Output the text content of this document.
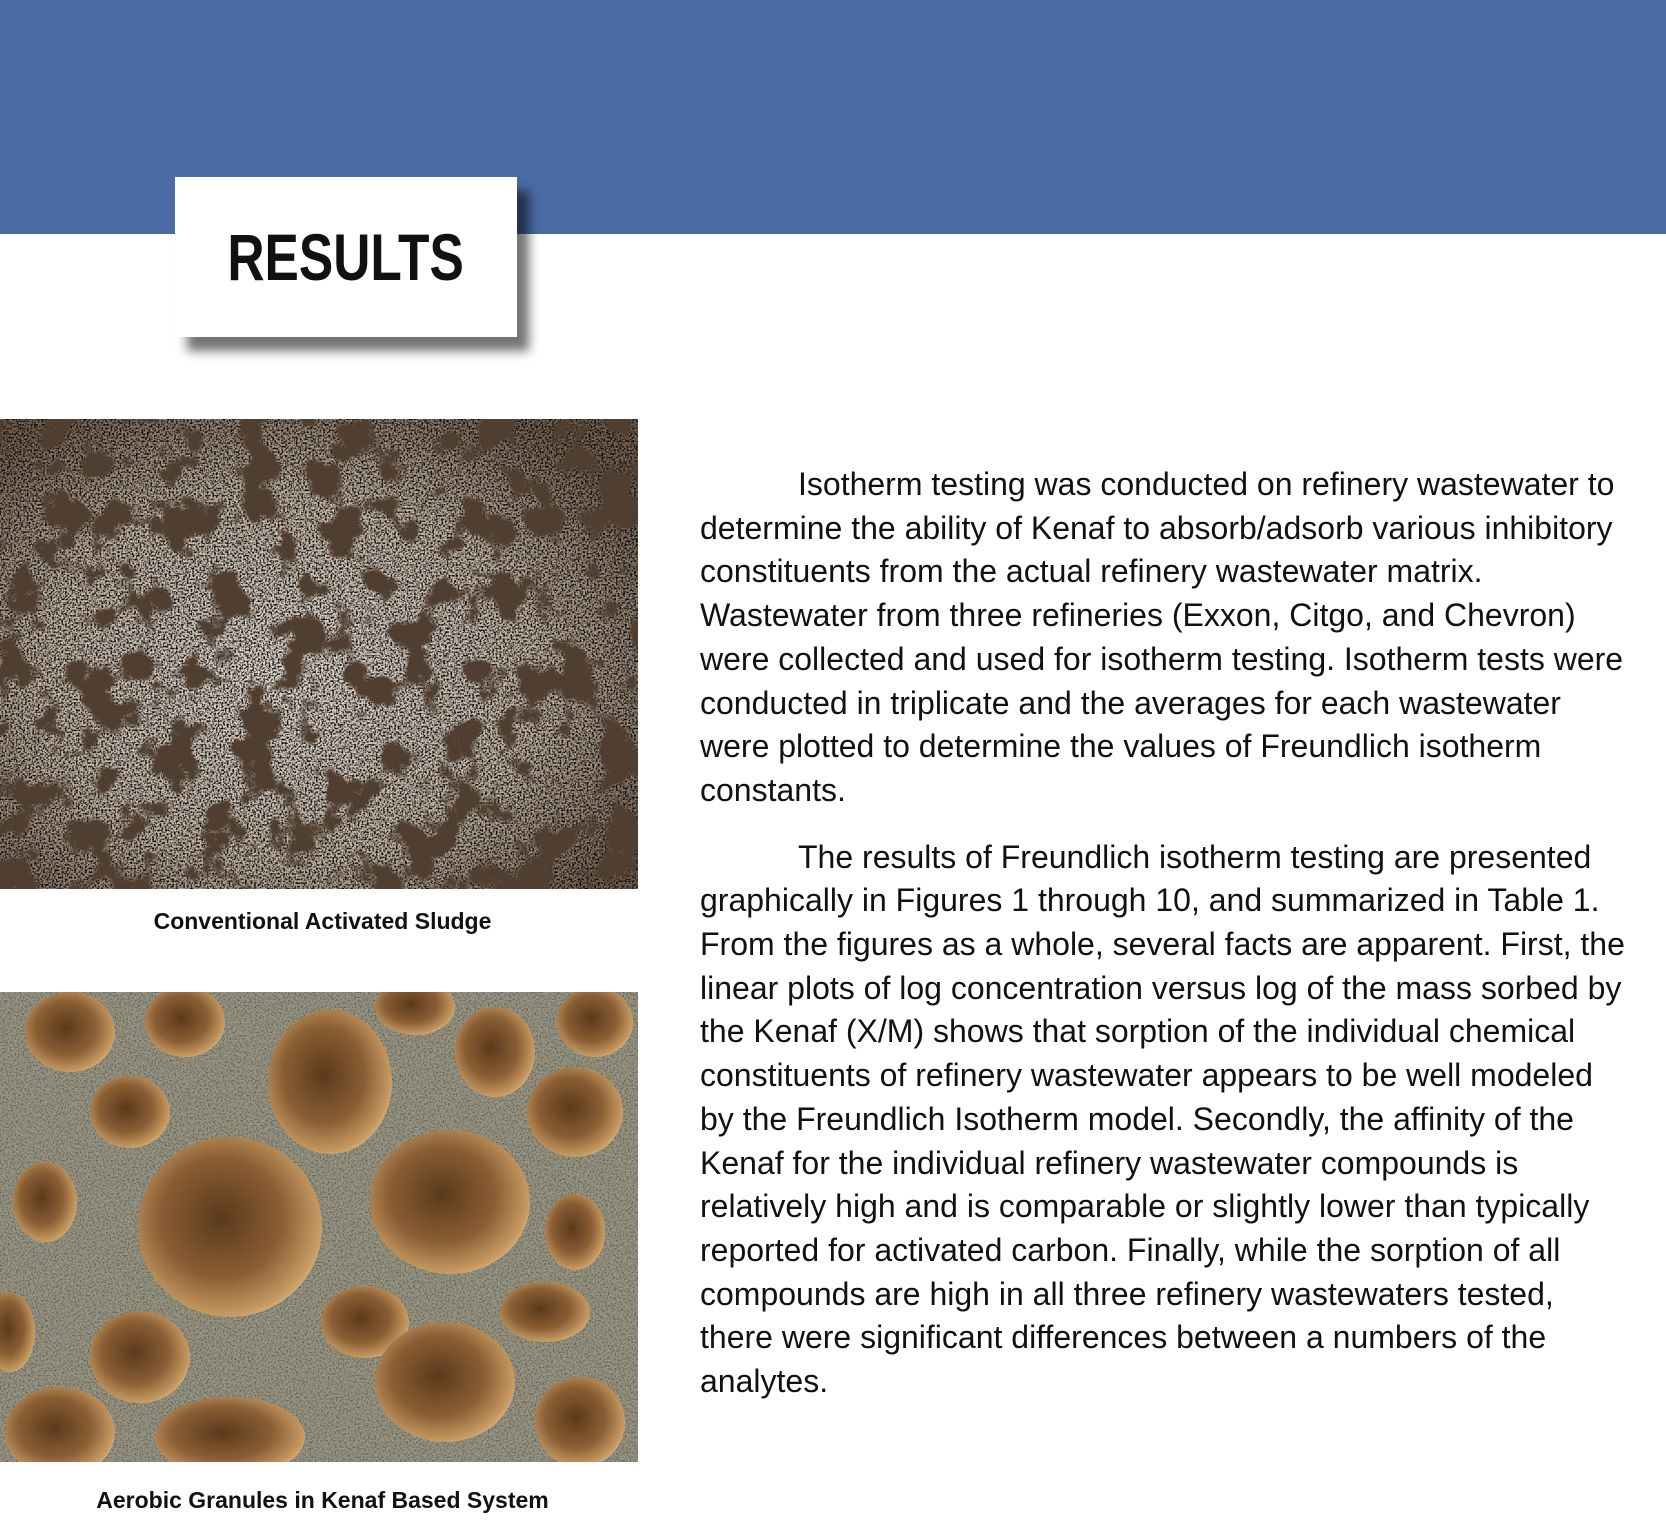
RESULTS
Conventional Activated Sludge
Aerobic Granules in Kenaf Based System

Isotherm testing was conducted on refinery wastewater to determine the ability of Kenaf to absorb/adsorb various inhibitory constituents from the actual refinery wastewater matrix. Wastewater from three refineries (Exxon, Citgo, and Chevron) were collected and used for isotherm testing. Isotherm tests were conducted in triplicate and the averages for each wastewater were plotted to determine the values of Freundlich isotherm constants.

The results of Freundlich isotherm testing are presented graphically in Figures 1 through 10, and summarized in Table 1. From the figures as a whole, several facts are apparent. First, the linear plots of log concentration versus log of the mass sorbed by the Kenaf (X/M) shows that sorption of the individual chemical constituents of refinery wastewater appears to be well modeled by the Freundlich Isotherm model. Secondly, the affinity of the Kenaf for the individual refinery wastewater compounds is relatively high and is comparable or slightly lower than typically reported for activated carbon. Finally, while the sorption of all compounds are high in all three refinery wastewaters tested, there were significant differences between a numbers of the analytes.
